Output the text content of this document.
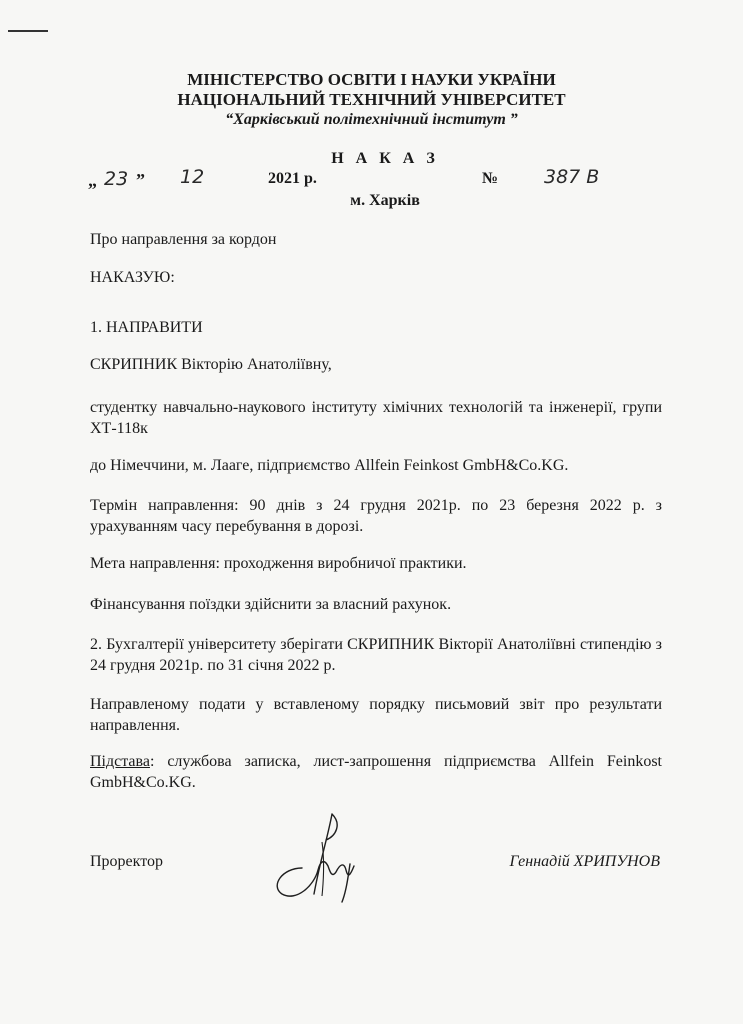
МІНІСТЕРСТВО ОСВІТИ І НАУКИ УКРАЇНИ
НАЦІОНАЛЬНИЙ ТЕХНІЧНИЙ УНІВЕРСИТЕТ
“Харківський політехнічний інститут ”
Н А К А З
„ 23 ” 12	2021 р.	№ 387 В
м. Харків

Про направлення за кордон

НАКАЗУЮ:

1. НАПРАВИТИ

СКРИПНИК Вікторію Анатоліївну,

студентку навчально-наукового інституту хімічних технологій та інженерії, групи ХТ-118к

до Німеччини, м. Лааге, підприємство Allfein Feinkost GmbH&Co.KG.

Термін направлення: 90 днів з 24 грудня 2021р. по 23 березня 2022 р. з урахуванням часу перебування в дорозі.

Мета направлення: проходження виробничої практики.

Фінансування поїздки здійснити за власний рахунок.

2. Бухгалтерії університету зберігати СКРИПНИК Вікторії Анатоліївні стипендію з 24 грудня 2021р. по 31 січня 2022 р.

Направленому подати у вставленому порядку письмовий звіт про результати направлення.

Підстава: службова записка, лист-запрошення підприємства Allfein Feinkost GmbH&Co.KG.

Проректор	Геннадій ХРИПУНОВ
